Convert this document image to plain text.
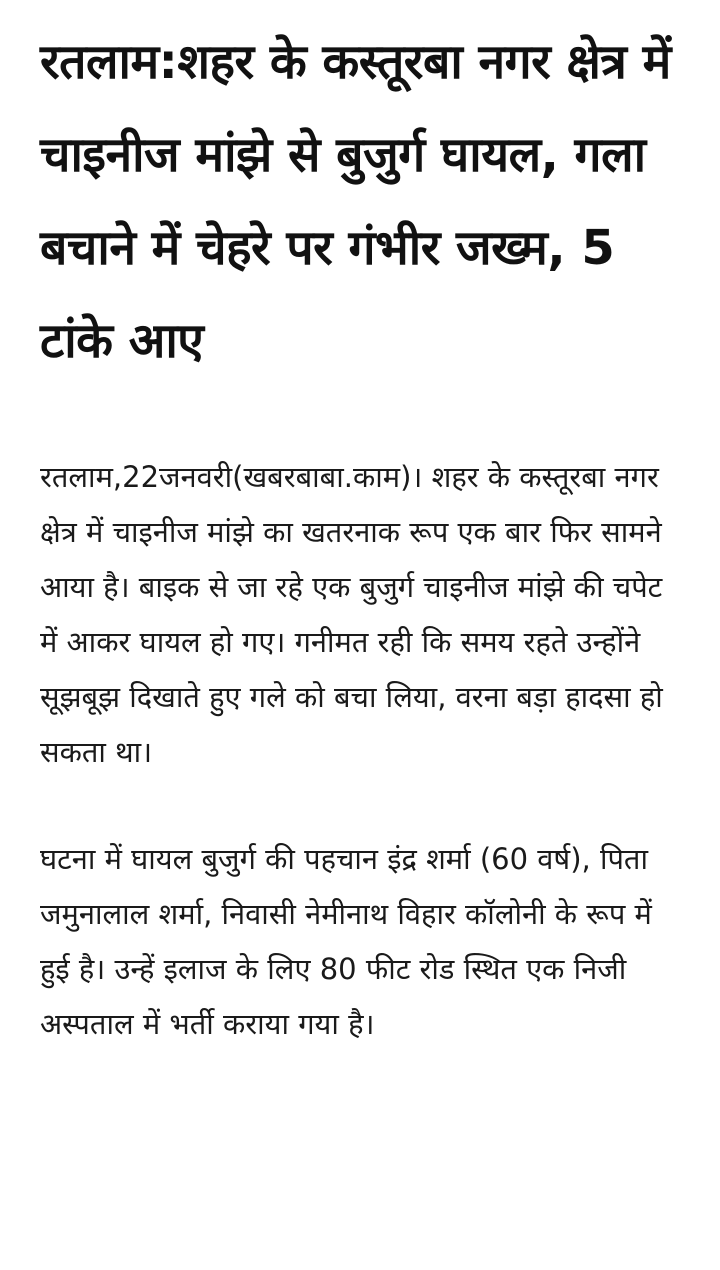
रतलाम:शहर के कस्तूरबा नगर क्षेत्र में चाइनीज मांझे से बुजुर्ग घायल, गला बचाने में चेहरे पर गंभीर जख्म, 5 टांके आए

रतलाम,22जनवरी(खबरबाबा.काम)। शहर के कस्तूरबा नगर क्षेत्र में चाइनीज मांझे का खतरनाक रूप एक बार फिर सामने आया है। बाइक से जा रहे एक बुजुर्ग चाइनीज मांझे की चपेट में आकर घायल हो गए। गनीमत रही कि समय रहते उन्होंने सूझबूझ दिखाते हुए गले को बचा लिया, वरना बड़ा हादसा हो सकता था।

घटना में घायल बुजुर्ग की पहचान इंद्र शर्मा (60 वर्ष), पिता जमुनालाल शर्मा, निवासी नेमीनाथ विहार कॉलोनी के रूप में हुई है। उन्हें इलाज के लिए 80 फीट रोड स्थित एक निजी अस्पताल में भर्ती कराया गया है।
